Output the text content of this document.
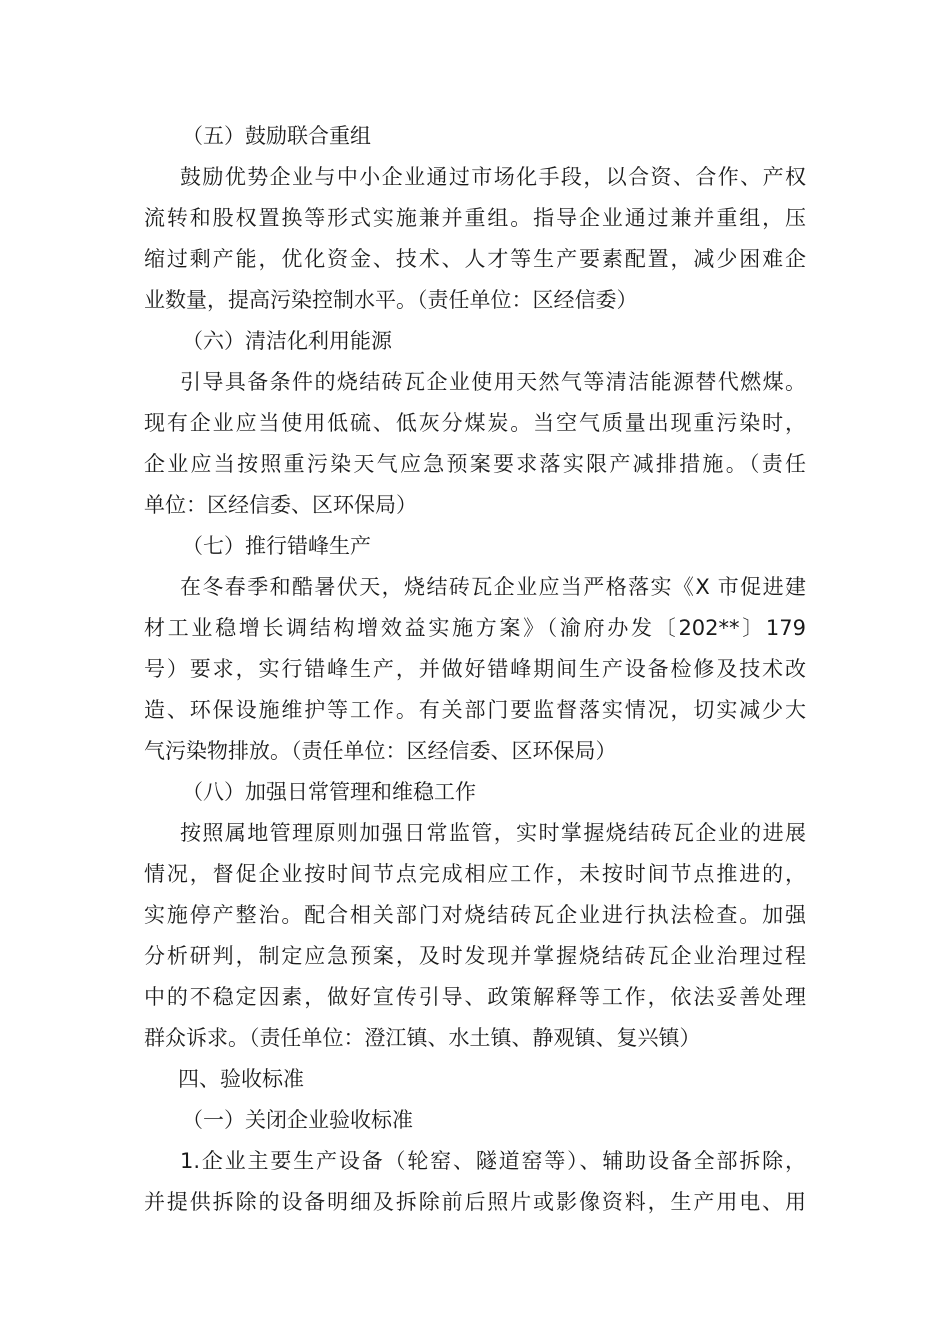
（五）鼓励联合重组
鼓励优势企业与中小企业通过市场化手段，以合资、合作、产权
流转和股权置换等形式实施兼并重组。指导企业通过兼并重组，压
缩过剩产能，优化资金、技术、人才等生产要素配置，减少困难企
业数量，提高污染控制水平。（责任单位：区经信委）
（六）清洁化利用能源
引导具备条件的烧结砖瓦企业使用天然气等清洁能源替代燃煤。
现有企业应当使用低硫、低灰分煤炭。当空气质量出现重污染时，
企业应当按照重污染天气应急预案要求落实限产减排措施。（责任
单位：区经信委、区环保局）
（七）推行错峰生产
在冬春季和酷暑伏天，烧结砖瓦企业应当严格落实《X 市促进建
材工业稳增长调结构增效益实施方案》（渝府办发〔202**〕179
号）要求，实行错峰生产，并做好错峰期间生产设备检修及技术改
造、环保设施维护等工作。有关部门要监督落实情况，切实减少大
气污染物排放。（责任单位：区经信委、区环保局）
（八）加强日常管理和维稳工作
按照属地管理原则加强日常监管，实时掌握烧结砖瓦企业的进展
情况，督促企业按时间节点完成相应工作，未按时间节点推进的，
实施停产整治。配合相关部门对烧结砖瓦企业进行执法检查。加强
分析研判，制定应急预案，及时发现并掌握烧结砖瓦企业治理过程
中的不稳定因素，做好宣传引导、政策解释等工作，依法妥善处理
群众诉求。（责任单位：澄江镇、水土镇、静观镇、复兴镇）
四、验收标准
（一）关闭企业验收标准
1.企业主要生产设备（轮窑、隧道窑等）、辅助设备全部拆除，
并提供拆除的设备明细及拆除前后照片或影像资料，生产用电、用
